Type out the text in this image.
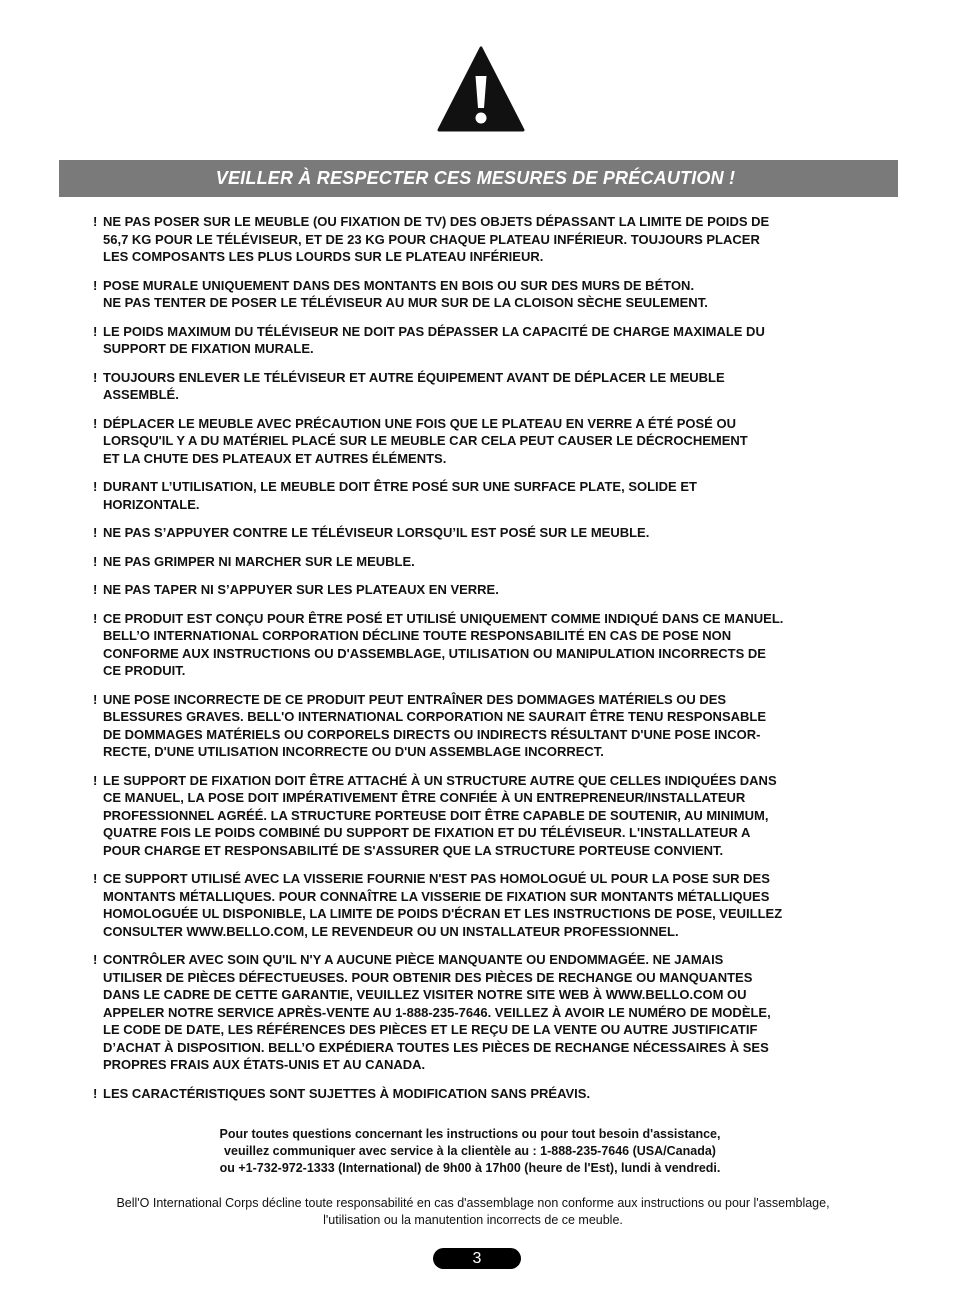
VEILLER À RESPECTER CES MESURES DE PRÉCAUTION !
! NE PAS POSER SUR LE MEUBLE (OU FIXATION DE TV) DES OBJETS DÉPASSANT LA LIMITE DE POIDS DE
56,7 KG POUR LE TÉLÉVISEUR, ET DE 23 KG POUR CHAQUE PLATEAU INFÉRIEUR. TOUJOURS PLACER
LES COMPOSANTS LES PLUS LOURDS SUR LE PLATEAU INFÉRIEUR.
! POSE MURALE UNIQUEMENT DANS DES MONTANTS EN BOIS OU SUR DES MURS DE BÉTON.
NE PAS TENTER DE POSER LE TÉLÉVISEUR AU MUR SUR DE LA CLOISON SÈCHE SEULEMENT.
! LE POIDS MAXIMUM DU TÉLÉVISEUR NE DOIT PAS DÉPASSER LA CAPACITÉ DE CHARGE MAXIMALE DU
SUPPORT DE FIXATION MURALE.
! TOUJOURS ENLEVER LE TÉLÉVISEUR ET AUTRE ÉQUIPEMENT AVANT DE DÉPLACER LE MEUBLE
ASSEMBLÉ.
! DÉPLACER LE MEUBLE AVEC PRÉCAUTION UNE FOIS QUE LE PLATEAU EN VERRE A ÉTÉ POSÉ OU
LORSQU'IL Y A DU MATÉRIEL PLACÉ SUR LE MEUBLE CAR CELA PEUT CAUSER LE DÉCROCHEMENT
ET LA CHUTE DES PLATEAUX ET AUTRES ÉLÉMENTS.
! DURANT L’UTILISATION, LE MEUBLE DOIT ÊTRE POSÉ SUR UNE SURFACE PLATE, SOLIDE ET
HORIZONTALE.
! NE PAS S’APPUYER CONTRE LE TÉLÉVISEUR LORSQU’IL EST POSÉ SUR LE MEUBLE.
! NE PAS GRIMPER NI MARCHER SUR LE MEUBLE.
! NE PAS TAPER NI S’APPUYER SUR LES PLATEAUX EN VERRE.
! CE PRODUIT EST CONÇU POUR ÊTRE POSÉ ET UTILISÉ UNIQUEMENT COMME INDIQUÉ DANS CE MANUEL.
BELL’O INTERNATIONAL CORPORATION DÉCLINE TOUTE RESPONSABILITÉ EN CAS DE POSE NON
CONFORME AUX INSTRUCTIONS OU D'ASSEMBLAGE, UTILISATION OU MANIPULATION INCORRECTS DE
CE PRODUIT.
! UNE POSE INCORRECTE DE CE PRODUIT PEUT ENTRAÎNER DES DOMMAGES MATÉRIELS OU DES
BLESSURES GRAVES. BELL'O INTERNATIONAL CORPORATION NE SAURAIT ÊTRE TENU RESPONSABLE
DE DOMMAGES MATÉRIELS OU CORPORELS DIRECTS OU INDIRECTS RÉSULTANT D'UNE POSE INCOR-
RECTE, D'UNE UTILISATION INCORRECTE OU D'UN ASSEMBLAGE INCORRECT.
! LE SUPPORT DE FIXATION DOIT ÊTRE ATTACHÉ À UN STRUCTURE AUTRE QUE CELLES INDIQUÉES DANS
CE MANUEL, LA POSE DOIT IMPÉRATIVEMENT ÊTRE CONFIÉE À UN ENTREPRENEUR/INSTALLATEUR
PROFESSIONNEL AGRÉÉ. LA STRUCTURE PORTEUSE DOIT ÊTRE CAPABLE DE SOUTENIR, AU MINIMUM,
QUATRE FOIS LE POIDS COMBINÉ DU SUPPORT DE FIXATION ET DU TÉLÉVISEUR. L'INSTALLATEUR A
POUR CHARGE ET RESPONSABILITÉ DE S'ASSURER QUE LA STRUCTURE PORTEUSE CONVIENT.
! CE SUPPORT UTILISÉ AVEC LA VISSERIE FOURNIE N'EST PAS HOMOLOGUÉ UL POUR LA POSE SUR DES
MONTANTS MÉTALLIQUES. POUR CONNAÎTRE LA VISSERIE DE FIXATION SUR MONTANTS MÉTALLIQUES
HOMOLOGUÉE UL DISPONIBLE, LA LIMITE DE POIDS D'ÉCRAN ET LES INSTRUCTIONS DE POSE, VEUILLEZ
CONSULTER WWW.BELLO.COM, LE REVENDEUR OU UN INSTALLATEUR PROFESSIONNEL.
! CONTRÔLER AVEC SOIN QU'IL N'Y A AUCUNE PIÈCE MANQUANTE OU ENDOMMAGÉE. NE JAMAIS
UTILISER DE PIÈCES DÉFECTUEUSES. POUR OBTENIR DES PIÈCES DE RECHANGE OU MANQUANTES
DANS LE CADRE DE CETTE GARANTIE, VEUILLEZ VISITER NOTRE SITE WEB À WWW.BELLO.COM OU
APPELER NOTRE SERVICE APRÈS-VENTE AU 1-888-235-7646. VEILLEZ À AVOIR LE NUMÉRO DE MODÈLE,
LE CODE DE DATE, LES RÉFÉRENCES DES PIÈCES ET LE REÇU DE LA VENTE OU AUTRE JUSTIFICATIF
D’ACHAT À DISPOSITION. BELL’O EXPÉDIERA TOUTES LES PIÈCES DE RECHANGE NÉCESSAIRES À SES
PROPRES FRAIS AUX ÉTATS-UNIS ET AU CANADA.
! LES CARACTÉRISTIQUES SONT SUJETTES À MODIFICATION SANS PRÉAVIS.
Pour toutes questions concernant les instructions ou pour tout besoin d'assistance,
veuillez communiquer avec service à la clientèle au : 1-888-235-7646 (USA/Canada)
ou +1-732-972-1333 (International) de 9h00 à 17h00 (heure de l'Est), lundi à vendredi.
Bell'O International Corps décline toute responsabilité en cas d'assemblage non conforme aux instructions ou pour l'assemblage,
l'utilisation ou la manutention incorrects de ce meuble.
3
